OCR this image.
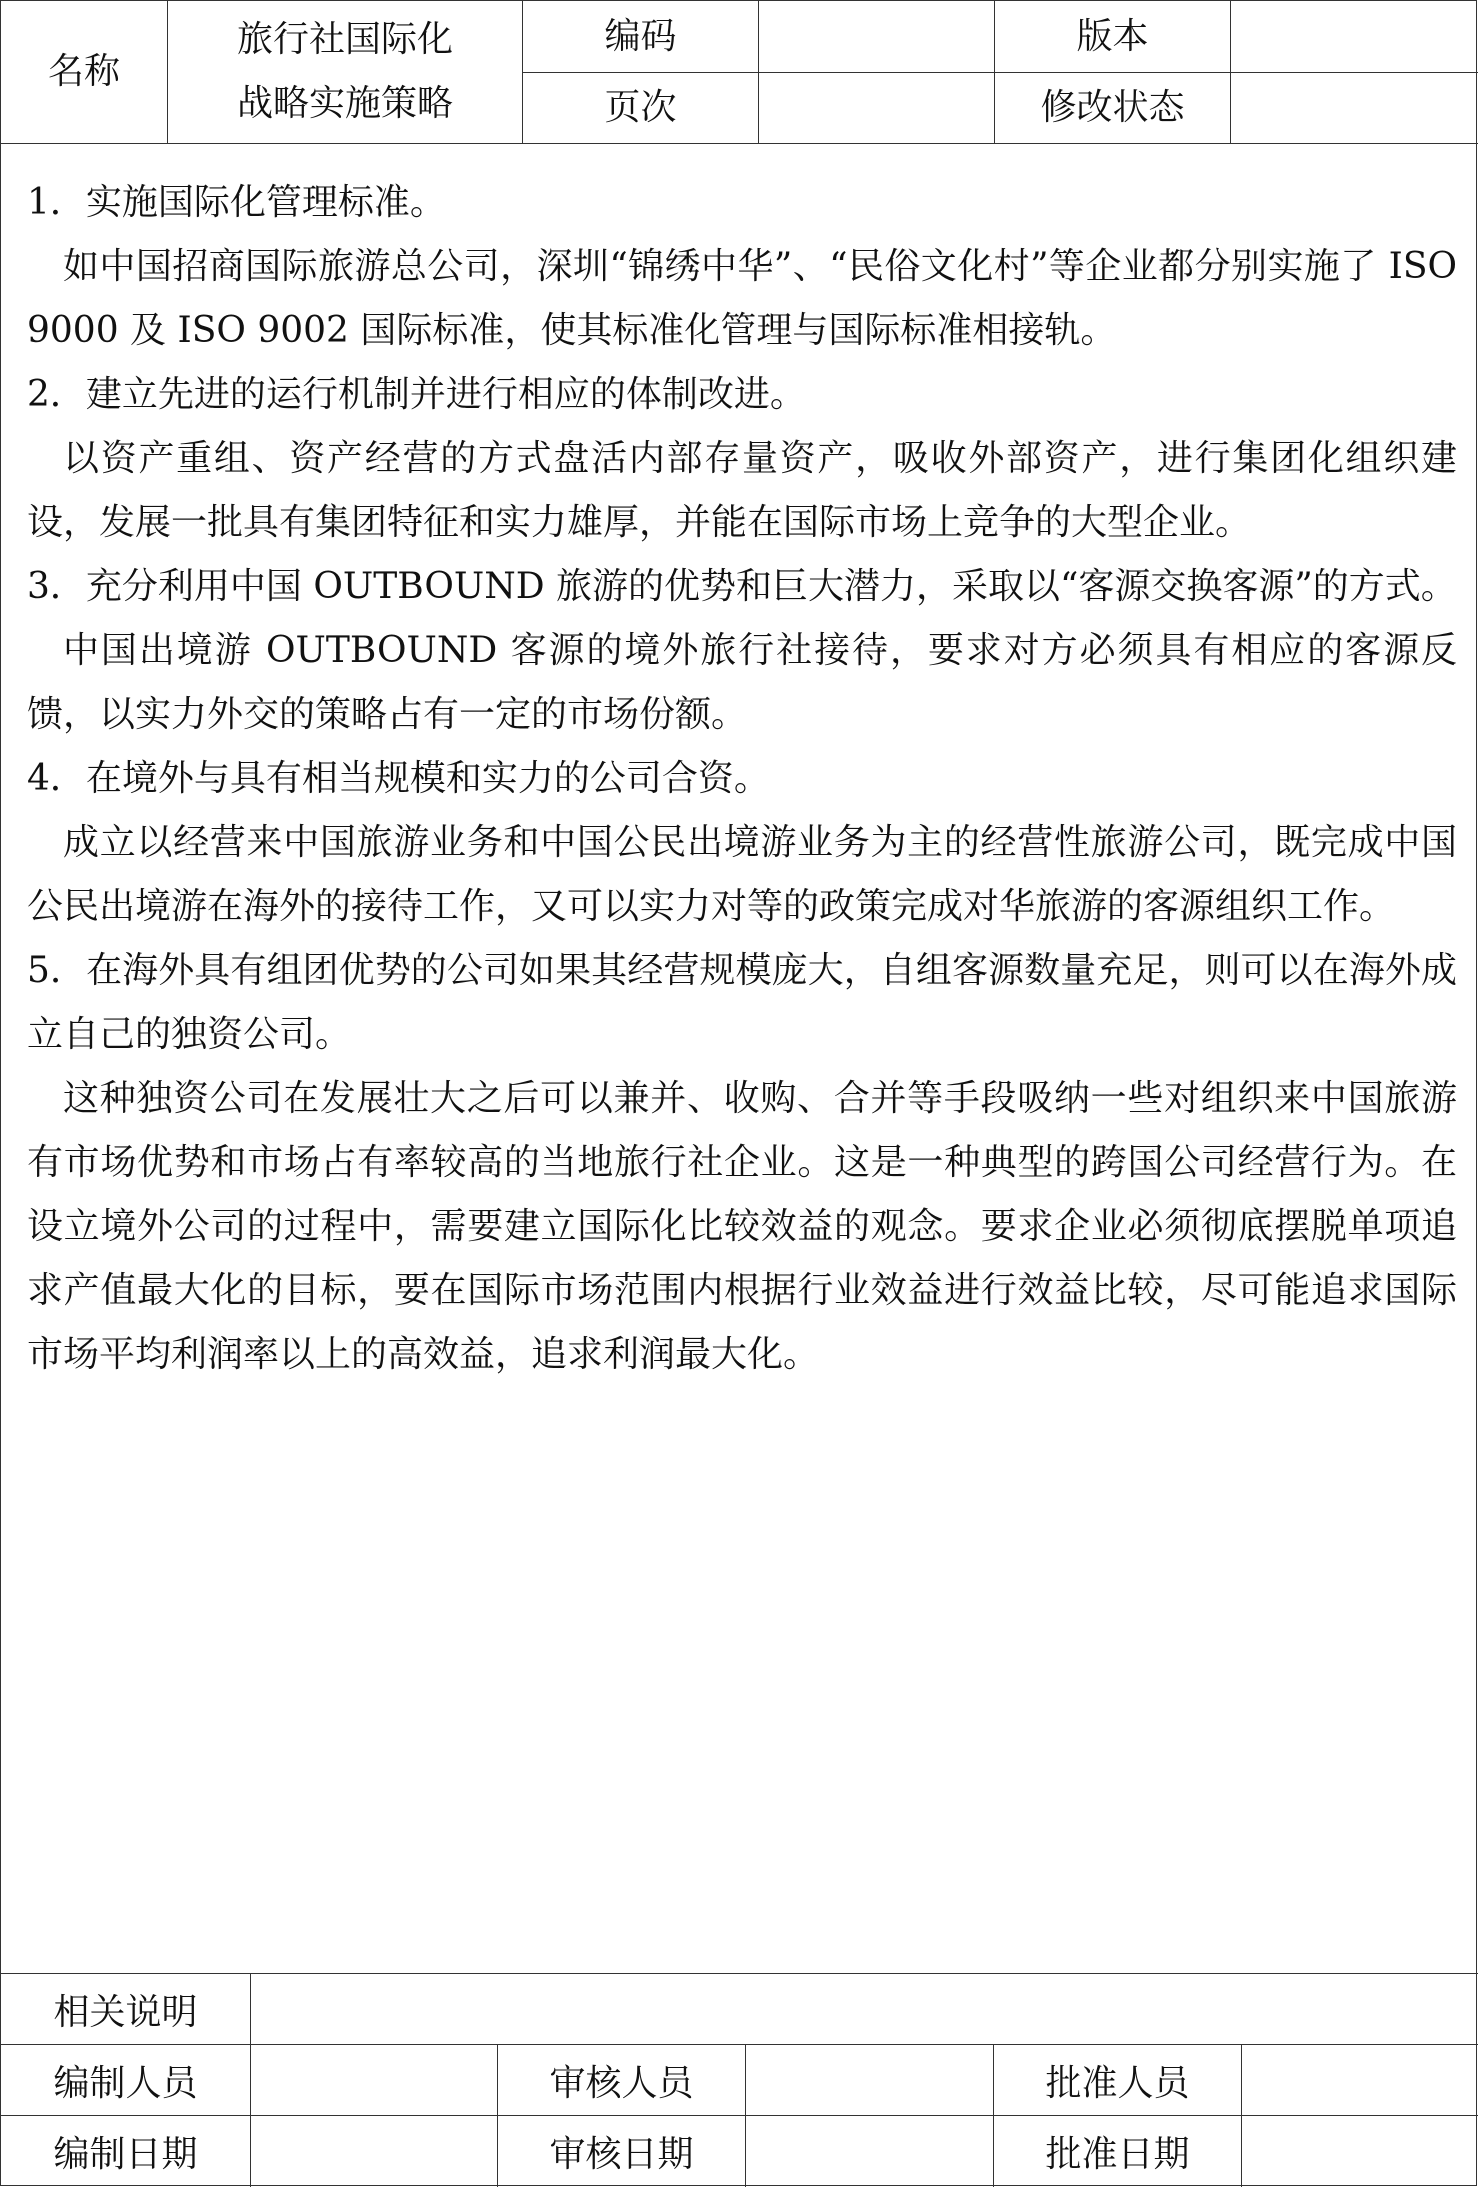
名称
旅行社国际化
战略实施策略
编码	版本
页次	修改状态

1．实施国际化管理标准。

如中国招商国际旅游总公司，深圳“锦绣中华”、“民俗文化村”等企业都分别实施了 ISO 9000 及 ISO 9002 国际标准，使其标准化管理与国际标准相接轨。

2．建立先进的运行机制并进行相应的体制改进。

以资产重组、资产经营的方式盘活内部存量资产，吸收外部资产，进行集团化组织建设，发展一批具有集团特征和实力雄厚，并能在国际市场上竞争的大型企业。

3．充分利用中国 OUTBOUND 旅游的优势和巨大潜力，采取以“客源交换客源”的方式。

中国出境游 OUTBOUND 客源的境外旅行社接待，要求对方必须具有相应的客源反馈，以实力外交的策略占有一定的市场份额。

4．在境外与具有相当规模和实力的公司合资。

成立以经营来中国旅游业务和中国公民出境游业务为主的经营性旅游公司，既完成中国公民出境游在海外的接待工作，又可以实力对等的政策完成对华旅游的客源组织工作。

5．在海外具有组团优势的公司如果其经营规模庞大，自组客源数量充足，则可以在海外成立自己的独资公司。

这种独资公司在发展壮大之后可以兼并、收购、合并等手段吸纳一些对组织来中国旅游有市场优势和市场占有率较高的当地旅行社企业。这是一种典型的跨国公司经营行为。在设立境外公司的过程中，需要建立国际化比较效益的观念。要求企业必须彻底摆脱单项追求产值最大化的目标，要在国际市场范围内根据行业效益进行效益比较，尽可能追求国际市场平均利润率以上的高效益，追求利润最大化。

相关说明
编制人员	审核人员	批准人员
编制日期	审核日期	批准日期
